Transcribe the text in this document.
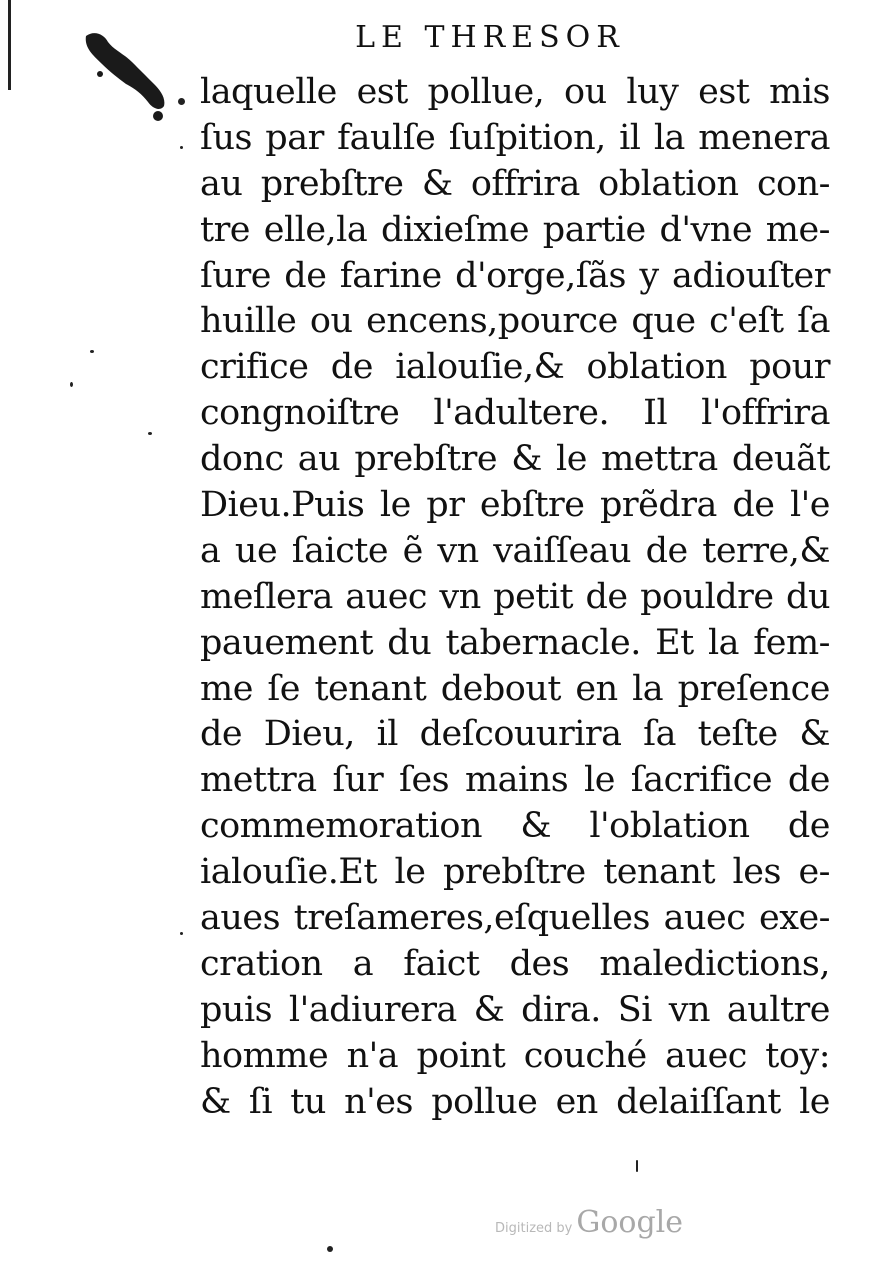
LE THRESOR
laquelle est pollue, ou luy est mis
ſus par faulſe ſuſpition, il la menera
au prebſtre & offrira oblation con-
tre elle,la dixieſme partie d'vne me-
ſure de farine d'orge,ſãs y adiouſter
huille ou encens,pource que c'eſt ſa
crifice de ialouſie,& oblation pour
congnoiſtre l'adultere. Il l'offrira
donc au prebſtre & le mettra deuãt
Dieu.Puis le pr ebſtre prẽdra de l'e
a ue ſaicte ẽ vn vaiſſeau de terre,&
meſlera auec vn petit de pouldre du
pauement du tabernacle. Et la fem-
me ſe tenant debout en la preſence
de Dieu, il deſcouurira ſa teſte &
mettra ſur ſes mains le ſacrifice de
commemoration & l'oblation de
ialouſie.Et le prebſtre tenant les e-
aues treſameres,eſquelles auec exe-
cration a faict des maledictions,
puis l'adiurera & dira. Si vn aultre
homme n'a point couché auec toy:
& ſi tu n'es pollue en delaiſſant le
Digitized by Google
